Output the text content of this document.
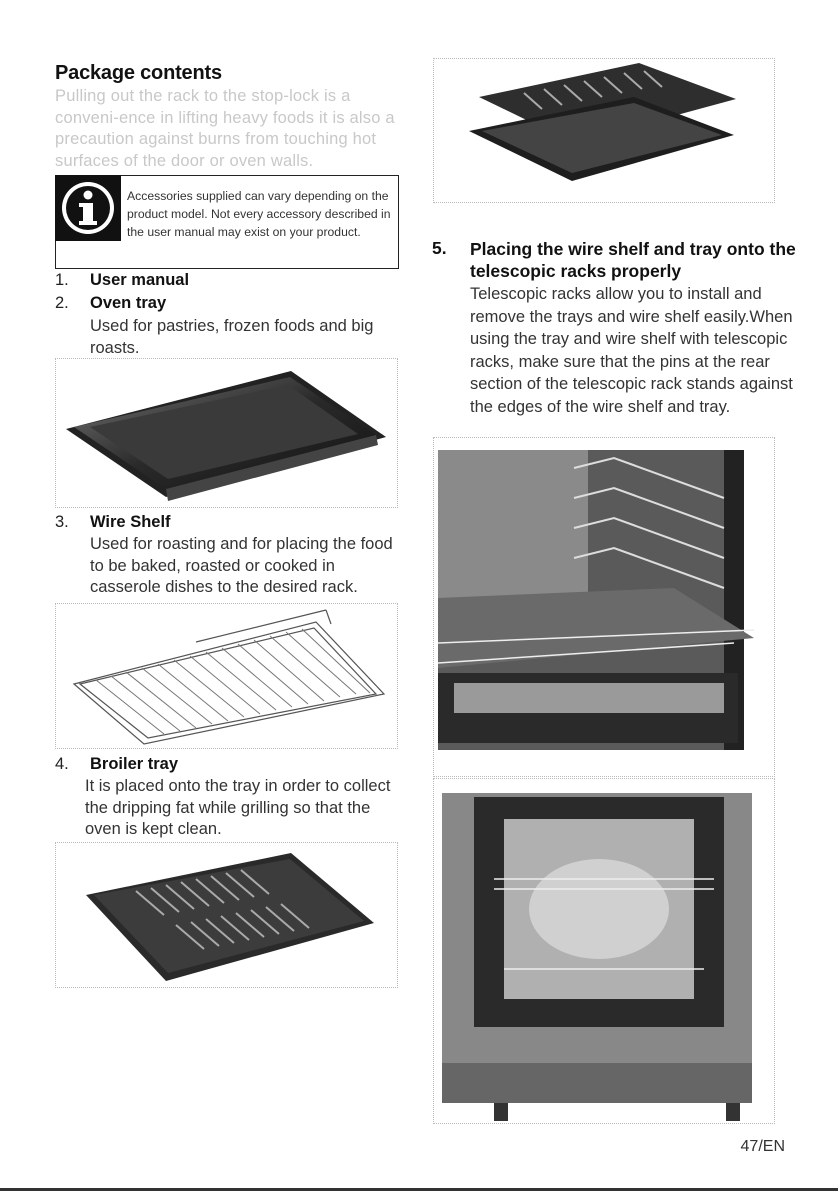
Package contents
Pulling out the rack to the stop-lock is a conveni-ence in lifting heavy foods it is also a precaution against burns from touching hot surfaces of the door or oven walls.
Accessories supplied can vary depending on the product model. Not every accessory described in the user manual may exist on your product.
1.	User manual
2.	Oven tray
Used for pastries, frozen foods and big roasts.
3.	Wire Shelf
Used for roasting and for placing the food to be baked, roasted or cooked in casserole dishes to the desired rack.
4.	Broiler tray
It is placed onto the tray in order to collect the dripping fat while grilling so that the oven is kept clean.
5. Placing the wire shelf and tray onto the telescopic racks properly
Telescopic racks allow you to install and remove the trays and wire shelf easily.When using the tray and wire shelf with telescopic racks, make sure that the pins at the rear section of the telescopic rack stands against the edges of the wire shelf and tray.
47/EN
